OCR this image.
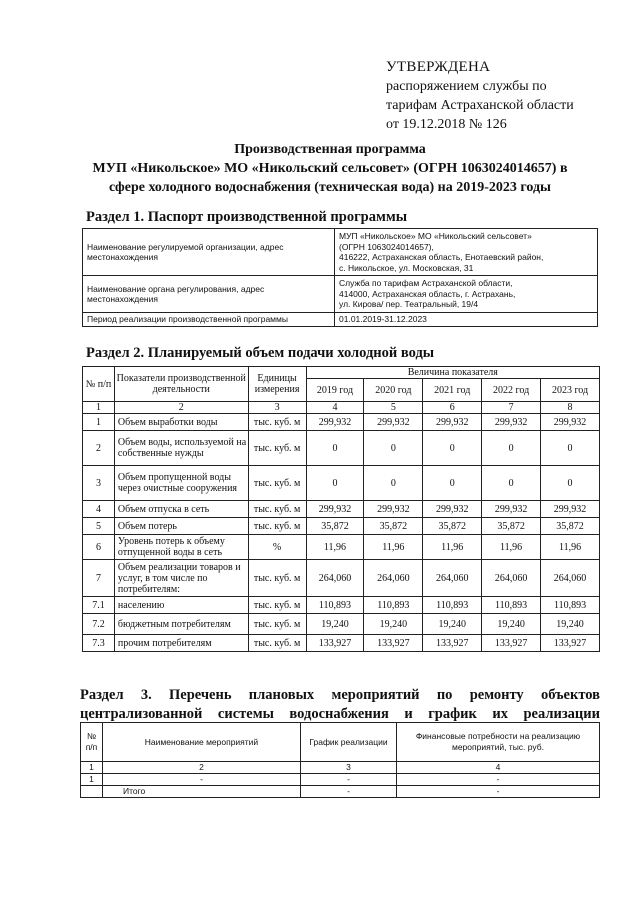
УТВЕРЖДЕНА
распоряжением службы по
тарифам Астраханской области
от 19.12.2018 № 126
Производственная программа
МУП «Никольское» МО «Никольский сельсовет» (ОГРН 1063024014657) в
сфере холодного водоснабжения (техническая вода) на 2019-2023 годы
Раздел 1. Паспорт производственной программы
Наименование регулируемой организации, адрес местонахождения	МУП «Никольское» МО «Никольский сельсовет»
(ОГРН 1063024014657),
416222, Астраханская область, Енотаевский район,
с. Никольское, ул. Московская, 31

Наименование органа регулирования, адрес местонахождения	Служба по тарифам Астраханской области,
414000, Астраханская область, г. Астрахань,
ул. Кирова/ пер. Театральный, 19/4

Период реализации производственной программы	01.01.2019-31.12.2023
Раздел 2. Планируемый объем подачи холодной воды
№ п/п	Показатели производственной деятельности	Единицы измерения	Величина показателя				
			2019 год	2020 год	2021 год	2022 год	2023 год
1	2	3	4	5	6	7	8
1	Объем выработки воды	тыс. куб. м	299,932	299,932	299,932	299,932	299,932
2	Объем воды, используемой на собственные нужды	тыс. куб. м	0	0	0	0	0
3	Объем пропущенной воды через очистные сооружения	тыс. куб. м	0	0	0	0	0
4	Объем отпуска в сеть	тыс. куб. м	299,932	299,932	299,932	299,932	299,932
5	Объем потерь	тыс. куб. м	35,872	35,872	35,872	35,872	35,872
6	Уровень потерь к объему отпущенной воды в сеть	%	11,96	11,96	11,96	11,96	11,96
7	Объем реализации товаров и услуг, в том числе по потребителям:	тыс. куб. м	264,060	264,060	264,060	264,060	264,060
7.1	населению	тыс. куб. м	110,893	110,893	110,893	110,893	110,893
7.2	бюджетным потребителям	тыс. куб. м	19,240	19,240	19,240	19,240	19,240
7.3	прочим потребителям	тыс. куб. м	133,927	133,927	133,927	133,927	133,927
Раздел 3. Перечень плановых мероприятий по ремонту объектов централизованной системы водоснабжения и график их реализации
№ п/п	Наименование мероприятий	График реализации	Финансовые потребности на реализацию мероприятий, тыс. руб.
1	2	3	4
1	-	-	-
	Итого	-	-
